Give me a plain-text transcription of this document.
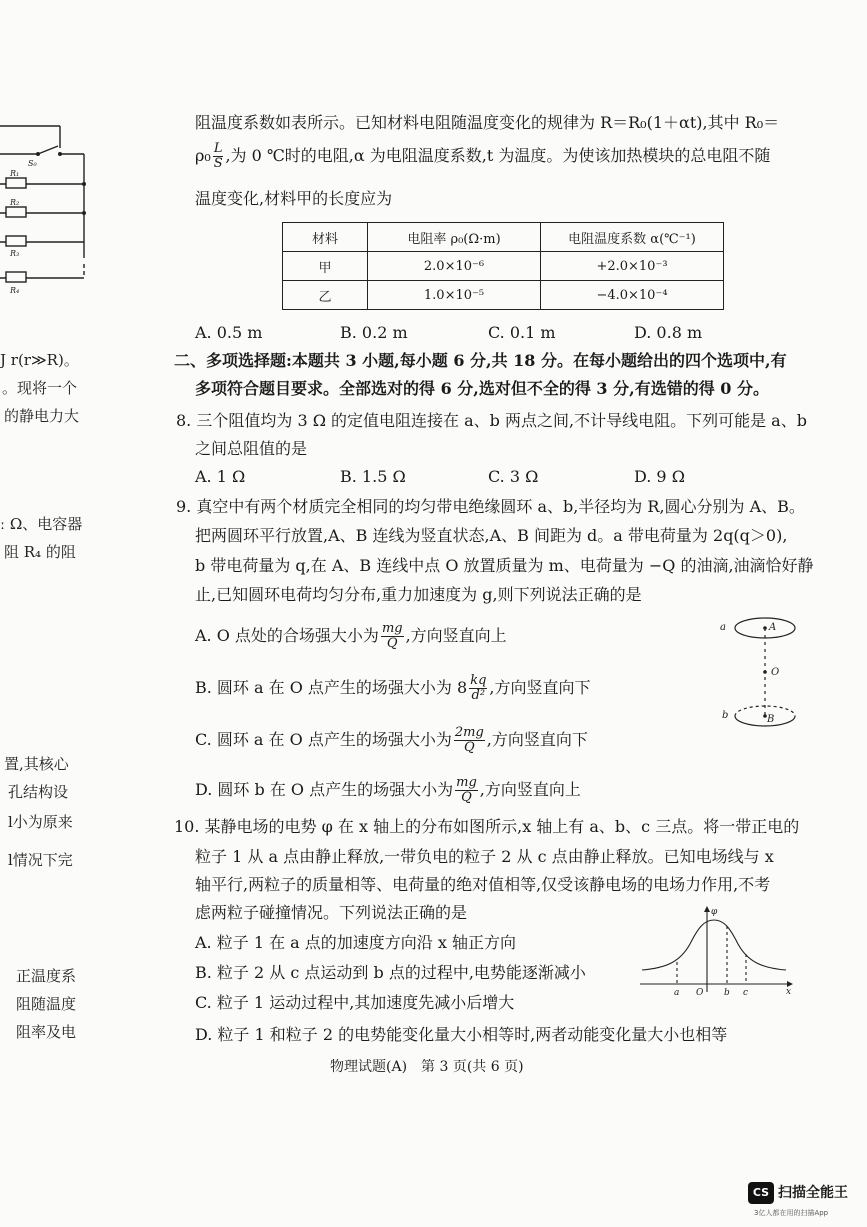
S₀
R₁
R₂
R₃
R₄
J r(r≫R)。
。现将一个
的静电力大
ː Ω、电容器
阻 R₄ 的阻
置,其核心
孔结构设
l小为原来
l情况下完
正温度系
阻随温度
阻率及电
阻温度系数如表所示。已知材料电阻随温度变化的规律为 R＝R₀(1＋αt),其中 R₀＝
$\rho_0 \frac{L}{S}$ ,为 0 ℃时的电阻,α 为电阻温度系数,t 为温度。为使该加热模块的总电阻不随
温度变化,材料甲的长度应为
材料	电阻率 ρ₀(Ω·m)	电阻温度系数 α(℃⁻¹)
甲	2.0×10⁻⁶	+2.0×10⁻³
乙	1.0×10⁻⁵	−4.0×10⁻⁴
A. 0.5 m	B. 0.2 m	C. 0.1 m	D. 0.8 m
二、多项选择题:本题共 3 小题,每小题 6 分,共 18 分。在每小题给出的四个选项中,有
多项符合题目要求。全部选对的得 6 分,选对但不全的得 3 分,有选错的得 0 分。
8. 三个阻值均为 3 Ω 的定值电阻连接在 a、b 两点之间,不计导线电阻。下列可能是 a、b
之间总阻值的是
A. 1 Ω	B. 1.5 Ω	C. 3 Ω	D. 9 Ω
9. 真空中有两个材质完全相同的均匀带电绝缘圆环 a、b,半径均为 R,圆心分别为 A、B。
把两圆环平行放置,A、B 连线为竖直状态,A、B 间距为 d。a 带电荷量为 2q(q＞0),
b 带电荷量为 q,在 A、B 连线中点 O 放置质量为 m、电荷量为 −Q 的油滴,油滴恰好静
止,已知圆环电荷均匀分布,重力加速度为 g,则下列说法正确的是
A. O 点处的合场强大小为 $\frac{mg}{Q}$ ,方向竖直向上
B. 圆环 a 在 O 点产生的场强大小为 $8 \frac{kq}{\text{d²}}$ ,方向竖直向下
C. 圆环 a 在 O 点产生的场强大小为 $\frac{2mg}{Q}$ ,方向竖直向下
D. 圆环 b 在 O 点产生的场强大小为 $\frac{mg}{Q}$ ,方向竖直向上
a	A
O
b	B
10. 某静电场的电势 φ 在 x 轴上的分布如图所示,x 轴上有 a、b、c 三点。将一带正电的
粒子 1 从 a 点由静止释放,一带负电的粒子 2 从 c 点由静止释放。已知电场线与 x
轴平行,两粒子的质量相等、电荷量的绝对值相等,仅受该静电场的电场力作用,不考
虑两粒子碰撞情况。下列说法正确的是
A. 粒子 1 在 a 点的加速度方向沿 x 轴正方向
B. 粒子 2 从 c 点运动到 b 点的过程中,电势能逐渐减小
C. 粒子 1 运动过程中,其加速度先减小后增大
D. 粒子 1 和粒子 2 的电势能变化量大小相等时,两者动能变化量大小也相等
φ
x
a O b c
物理试题(A)　第 3 页(共 6 页)
CS 扫描全能王
3亿人都在用的扫描App
